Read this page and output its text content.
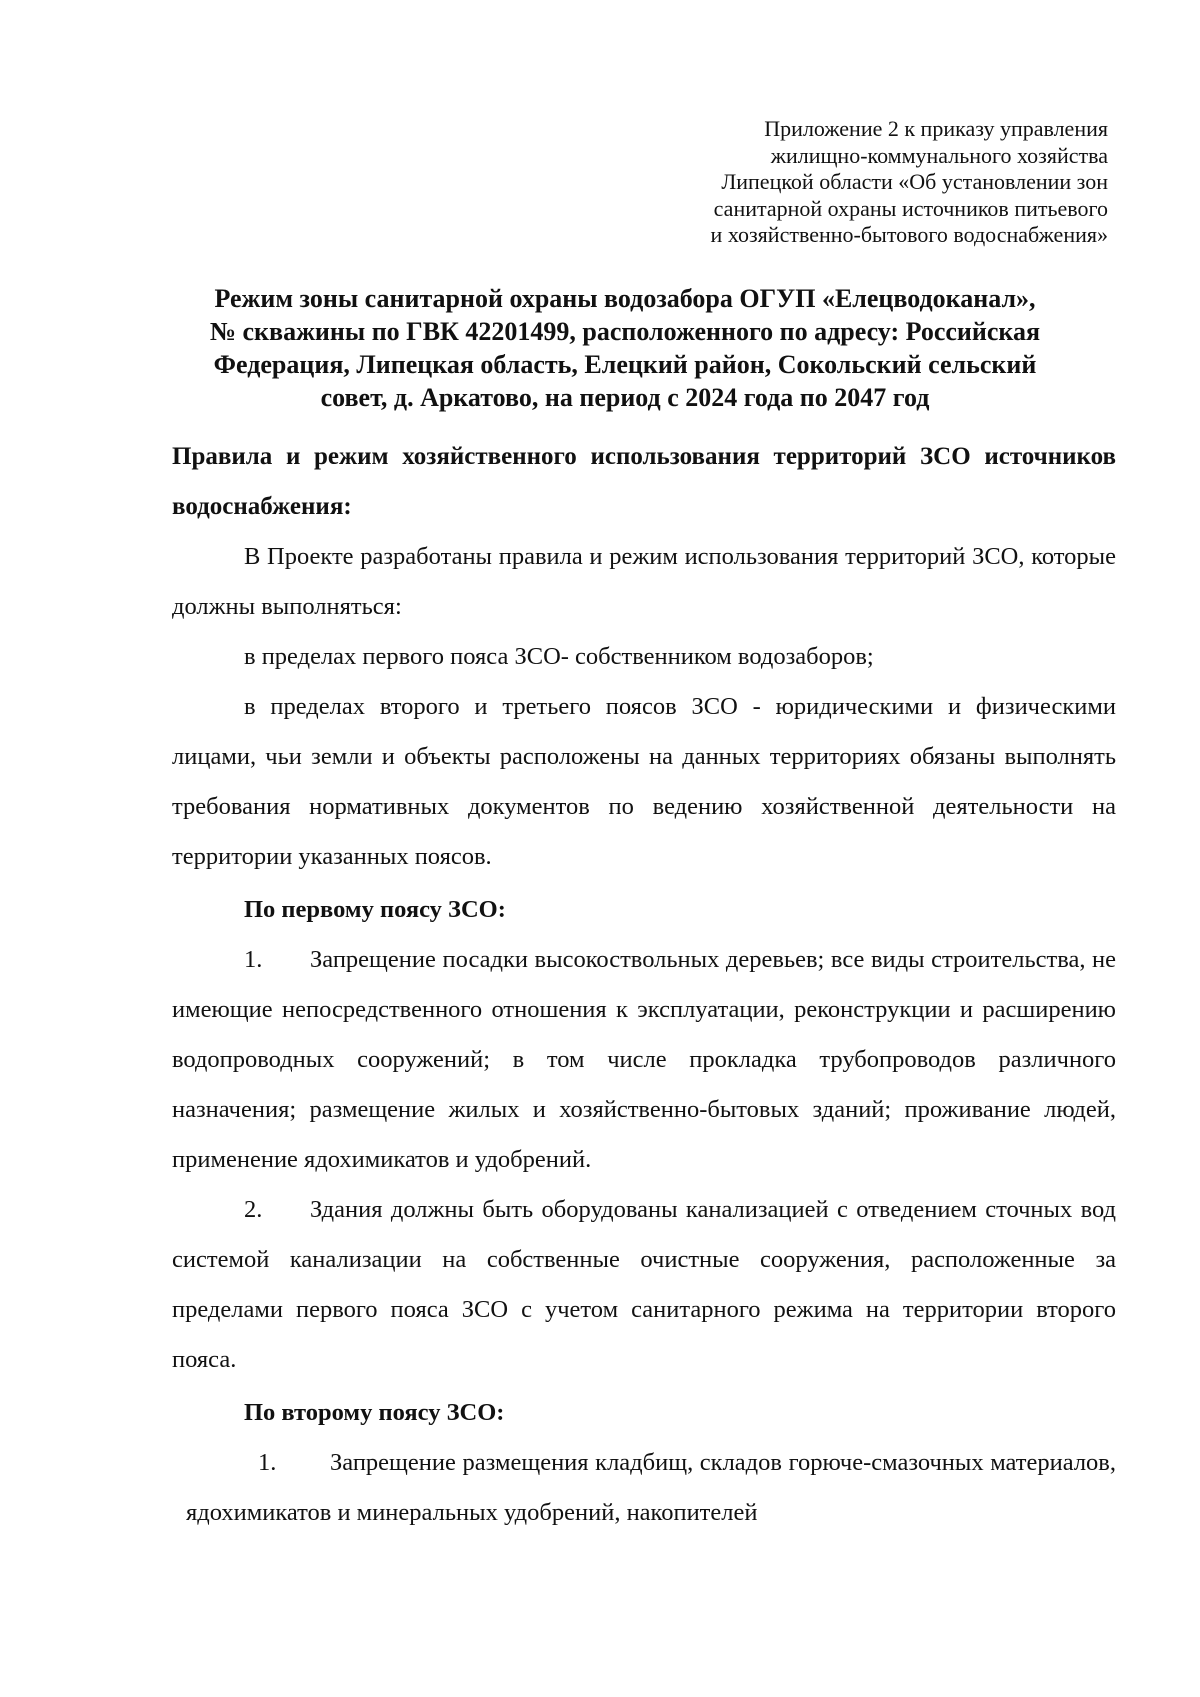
Приложение 2 к приказу управления
жилищно-коммунального хозяйства
Липецкой области «Об установлении зон
санитарной охраны источников питьевого
и хозяйственно-бытового водоснабжения»
Режим зоны санитарной охраны водозабора ОГУП «Елецводоканал»,
№ скважины по ГВК 42201499, расположенного по адресу: Российская
Федерация, Липецкая область, Елецкий район, Сокольский сельский
совет, д. Аркатово, на период с 2024 года по 2047 год
Правила и режим хозяйственного использования территорий ЗСО источников водоснабжения:

В Проекте разработаны правила и режим использования территорий ЗСО, которые должны выполняться:

в пределах первого пояса ЗСО- собственником водозаборов;

в пределах второго и третьего поясов ЗСО - юридическими и физическими лицами, чьи земли и объекты расположены на данных территориях обязаны выполнять требования нормативных документов по ведению хозяйственной деятельности на территории указанных поясов.

По первому поясу ЗСО:
1. Запрещение посадки высокоствольных деревьев; все виды строительства, не имеющие непосредственного отношения к эксплуатации, реконструкции и расширению водопроводных сооружений; в том числе прокладка трубопроводов различного назначения; размещение жилых и хозяйственно-бытовых зданий; проживание людей, применение ядохимикатов и удобрений.
2. Здания должны быть оборудованы канализацией с отведением сточных вод системой канализации на собственные очистные сооружения, расположенные за пределами первого пояса ЗСО с учетом санитарного режима на территории второго пояса.
По второму поясу ЗСО:
1. Запрещение размещения кладбищ, складов горюче-смазочных материалов, ядохимикатов и минеральных удобрений, накопителей
